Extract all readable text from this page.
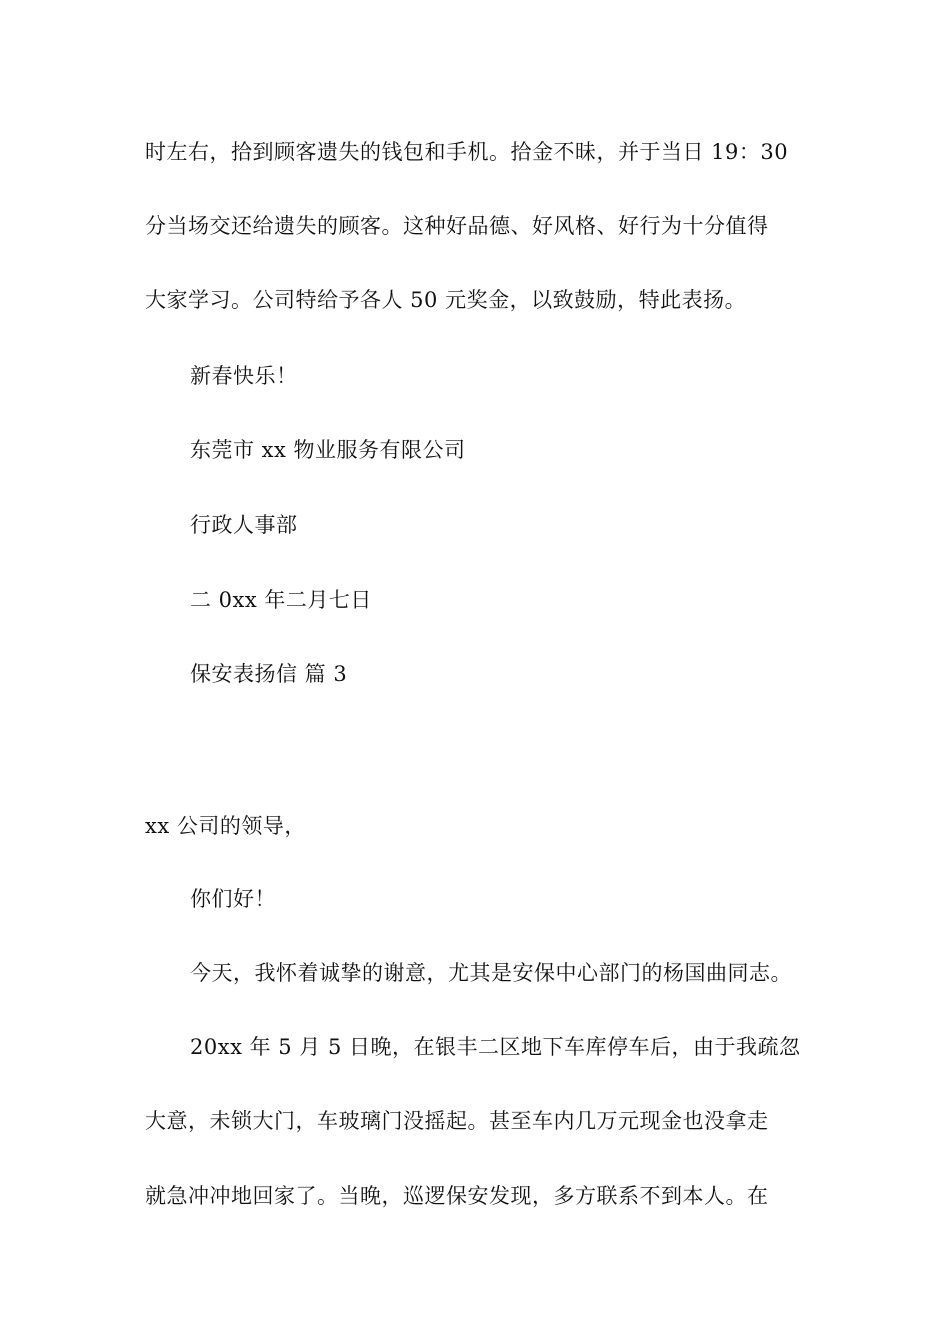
时左右，拾到顾客遗失的钱包和手机。拾金不昧，并于当日 19：30
分当场交还给遗失的顾客。这种好品德、好风格、好行为十分值得
大家学习。公司特给予各人 50 元奖金，以致鼓励，特此表扬。
新春快乐！
东莞市 xx 物业服务有限公司
行政人事部
二 0xx 年二月七日
保安表扬信 篇 3
xx 公司的领导，
你们好！
今天，我怀着诚挚的谢意，尤其是安保中心部门的杨国曲同志。
20xx 年 5 月 5 日晚，在银丰二区地下车库停车后，由于我疏忽
大意，未锁大门，车玻璃门没摇起。甚至车内几万元现金也没拿走
就急冲冲地回家了。当晚，巡逻保安发现，多方联系不到本人。在
